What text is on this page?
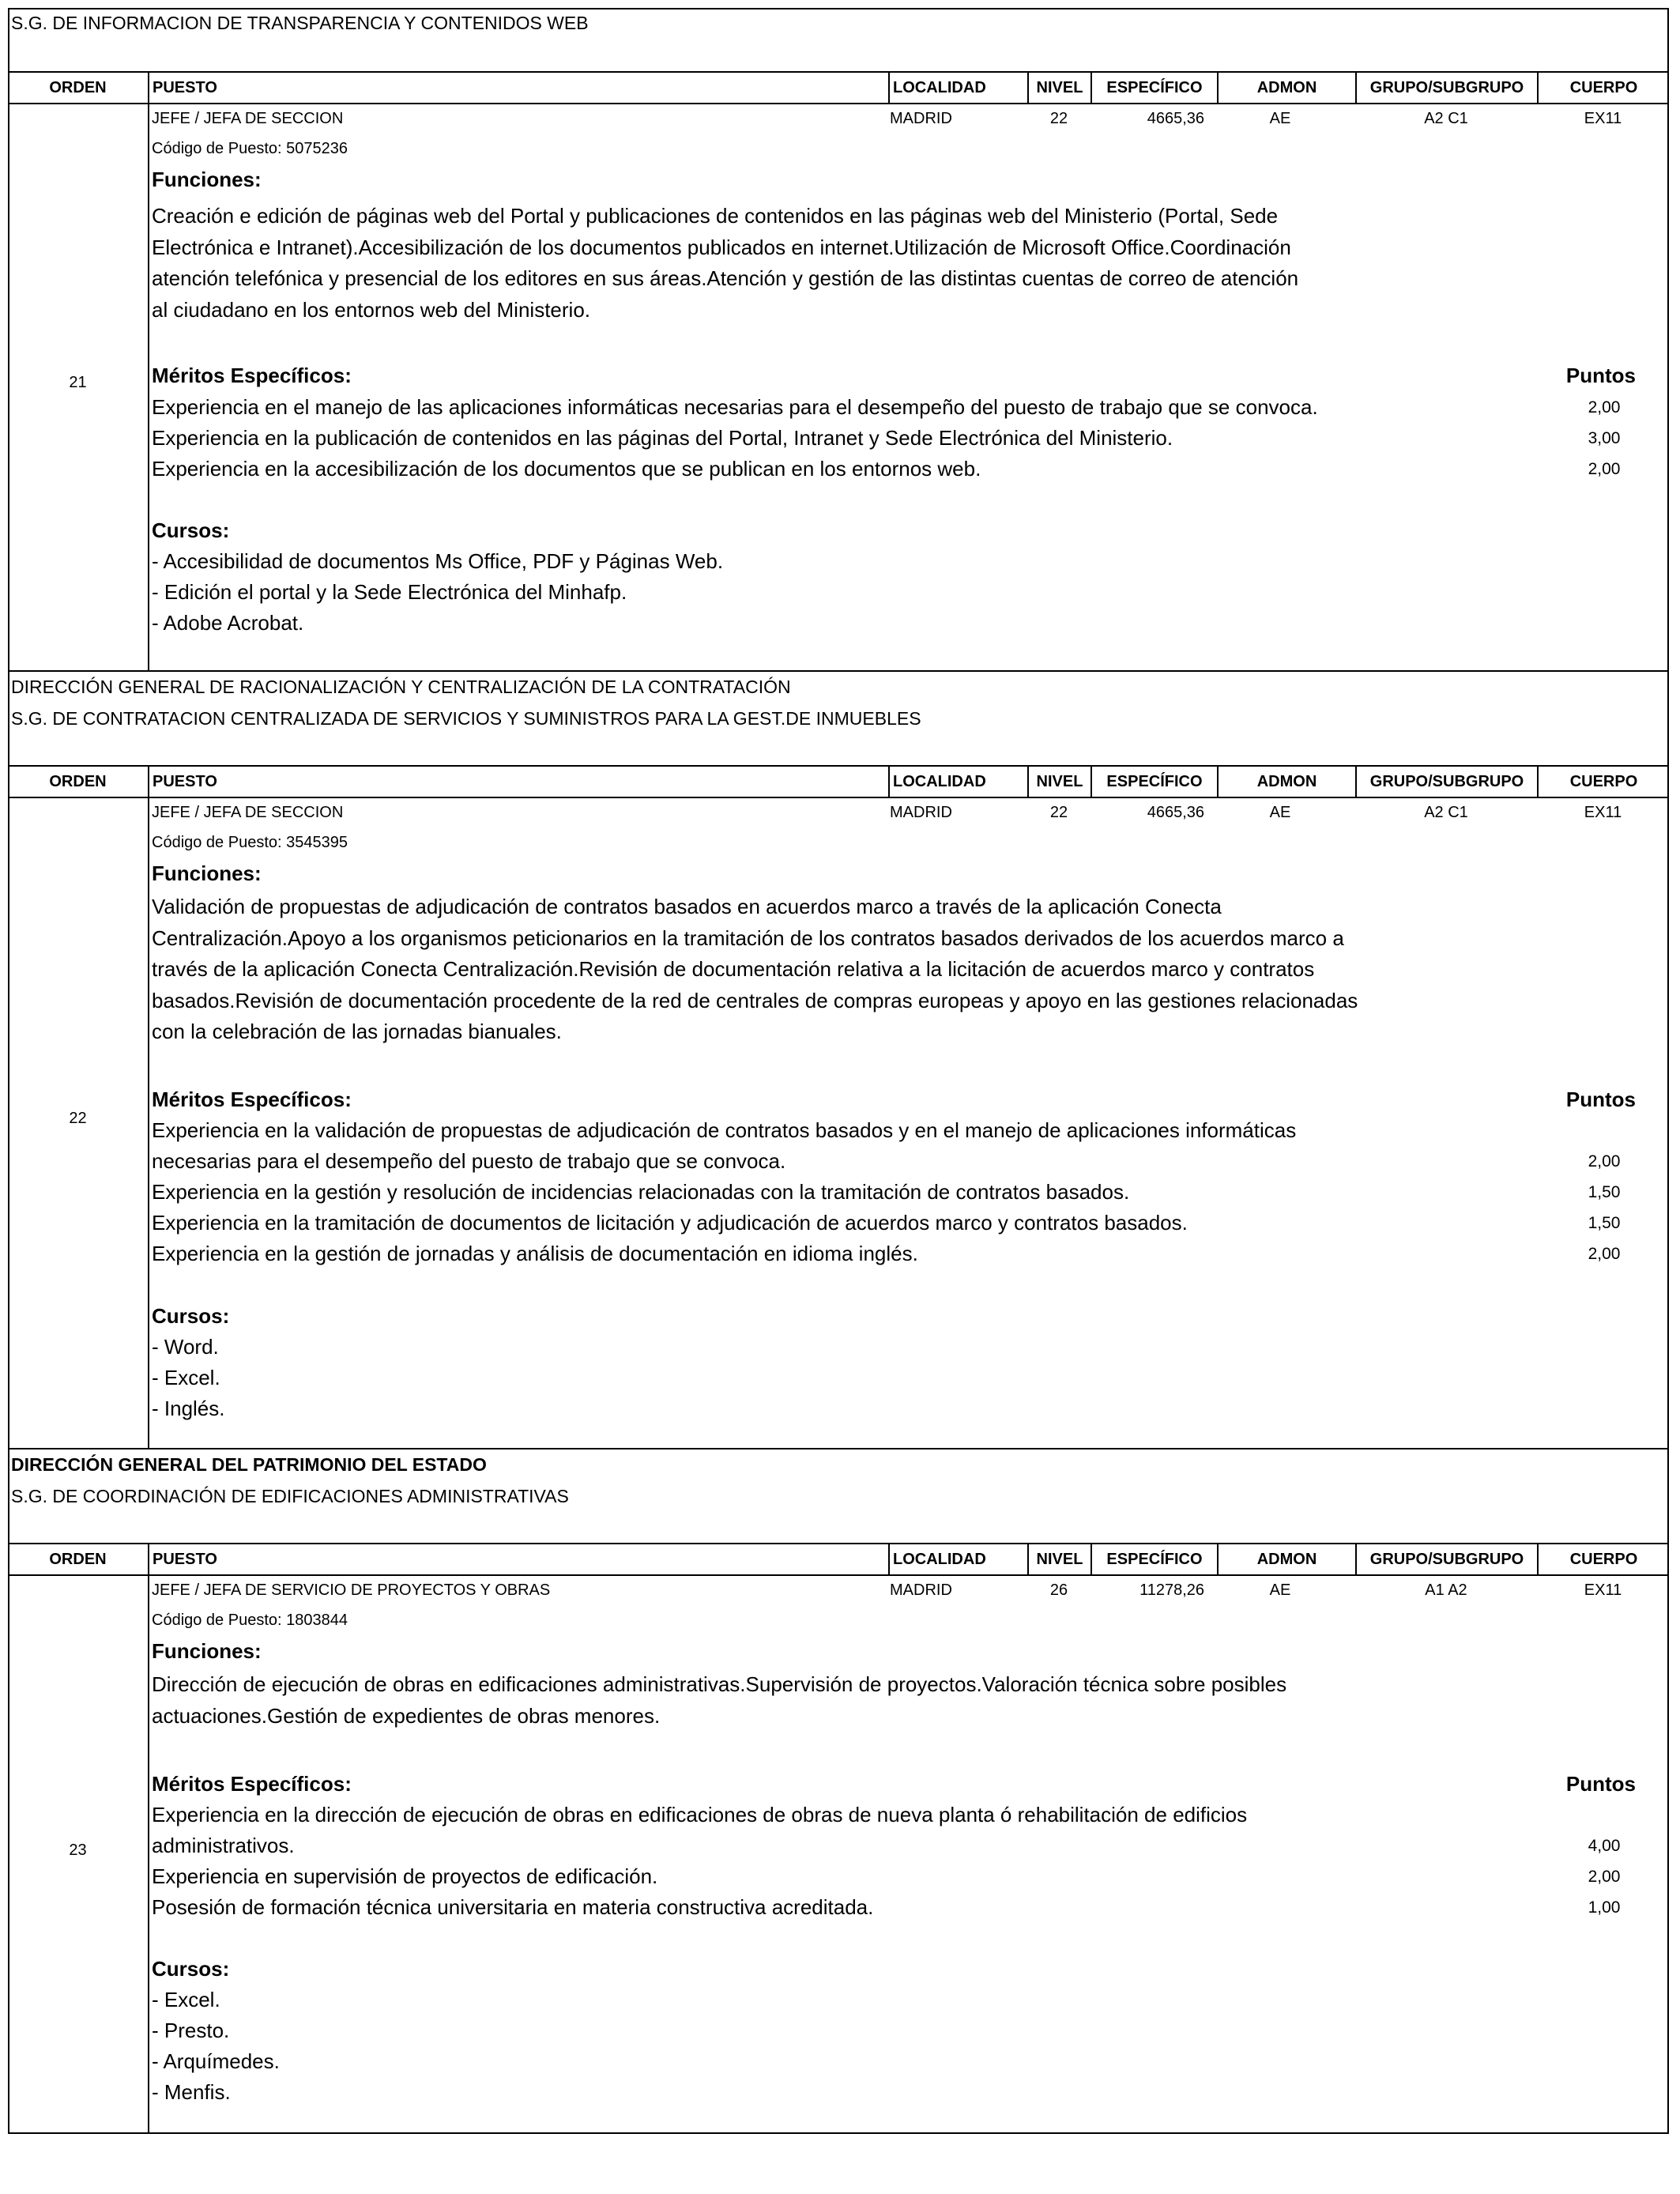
S.G. DE INFORMACION DE TRANSPARENCIA Y CONTENIDOS WEB
ORDEN	PUESTO	LOCALIDAD	NIVEL	ESPECÍFICO	ADMON	GRUPO/SUBGRUPO	CUERPO
21
JEFE / JEFA DE SECCION	MADRID	22	4665,36	AE	A2 C1	EX11
Código de Puesto: 5075236
Funciones:
Creación e edición de páginas web del Portal y publicaciones de contenidos en las páginas web del Ministerio (Portal, Sede
Electrónica e Intranet).Accesibilización de los documentos publicados en internet.Utilización de Microsoft Office.Coordinación
atención telefónica y presencial de los editores en sus áreas.Atención y gestión de las distintas cuentas de correo de atención
al ciudadano en los entornos web del Ministerio.
Méritos Específicos:	Puntos
Experiencia en el manejo de las aplicaciones informáticas necesarias para el desempeño del puesto de trabajo que se convoca.	2,00
Experiencia en la publicación de contenidos en las páginas del Portal, Intranet y Sede Electrónica del Ministerio.	3,00
Experiencia en la accesibilización de los documentos que se publican en los entornos web.	2,00
Cursos:
- Accesibilidad de documentos Ms Office, PDF y Páginas Web.
- Edición el portal y la Sede Electrónica del Minhafp.
- Adobe Acrobat.
DIRECCIÓN GENERAL DE RACIONALIZACIÓN Y CENTRALIZACIÓN DE LA CONTRATACIÓN
S.G. DE CONTRATACION CENTRALIZADA DE SERVICIOS Y SUMINISTROS PARA LA GEST.DE INMUEBLES
ORDEN	PUESTO	LOCALIDAD	NIVEL	ESPECÍFICO	ADMON	GRUPO/SUBGRUPO	CUERPO
22
JEFE / JEFA DE SECCION	MADRID	22	4665,36	AE	A2 C1	EX11
Código de Puesto: 3545395
Funciones:
Validación de propuestas de adjudicación de contratos basados en acuerdos marco a través de la aplicación Conecta
Centralización.Apoyo a los organismos peticionarios en la tramitación de los contratos basados derivados de los acuerdos marco a
través de la aplicación Conecta Centralización.Revisión de documentación relativa a la licitación de acuerdos marco y contratos
basados.Revisión de documentación procedente de la red de centrales de compras europeas y apoyo en las gestiones relacionadas
con la celebración de las jornadas bianuales.
Méritos Específicos:	Puntos
Experiencia en la validación de propuestas de adjudicación de contratos basados y en el manejo de aplicaciones informáticas
necesarias para el desempeño del puesto de trabajo que se convoca.	2,00
Experiencia en la gestión y resolución de incidencias relacionadas con la tramitación de contratos basados.	1,50
Experiencia en la tramitación de documentos de licitación y adjudicación de acuerdos marco y contratos basados.	1,50
Experiencia en la gestión de jornadas y análisis de documentación en idioma inglés.	2,00
Cursos:
- Word.
- Excel.
- Inglés.
DIRECCIÓN GENERAL DEL PATRIMONIO DEL ESTADO
S.G. DE COORDINACIÓN DE EDIFICACIONES ADMINISTRATIVAS
ORDEN	PUESTO	LOCALIDAD	NIVEL	ESPECÍFICO	ADMON	GRUPO/SUBGRUPO	CUERPO
23
JEFE / JEFA DE SERVICIO DE PROYECTOS Y OBRAS	MADRID	26	11278,26	AE	A1 A2	EX11
Código de Puesto: 1803844
Funciones:
Dirección de ejecución de obras en edificaciones administrativas.Supervisión de proyectos.Valoración técnica sobre posibles
actuaciones.Gestión de expedientes de obras menores.
Méritos Específicos:	Puntos
Experiencia en la dirección de ejecución de obras en edificaciones de obras de nueva planta ó rehabilitación de edificios
administrativos.	4,00
Experiencia en supervisión de proyectos de edificación.	2,00
Posesión de formación técnica universitaria en materia constructiva acreditada.	1,00
Cursos:
- Excel.
- Presto.
- Arquímedes.
- Menfis.
